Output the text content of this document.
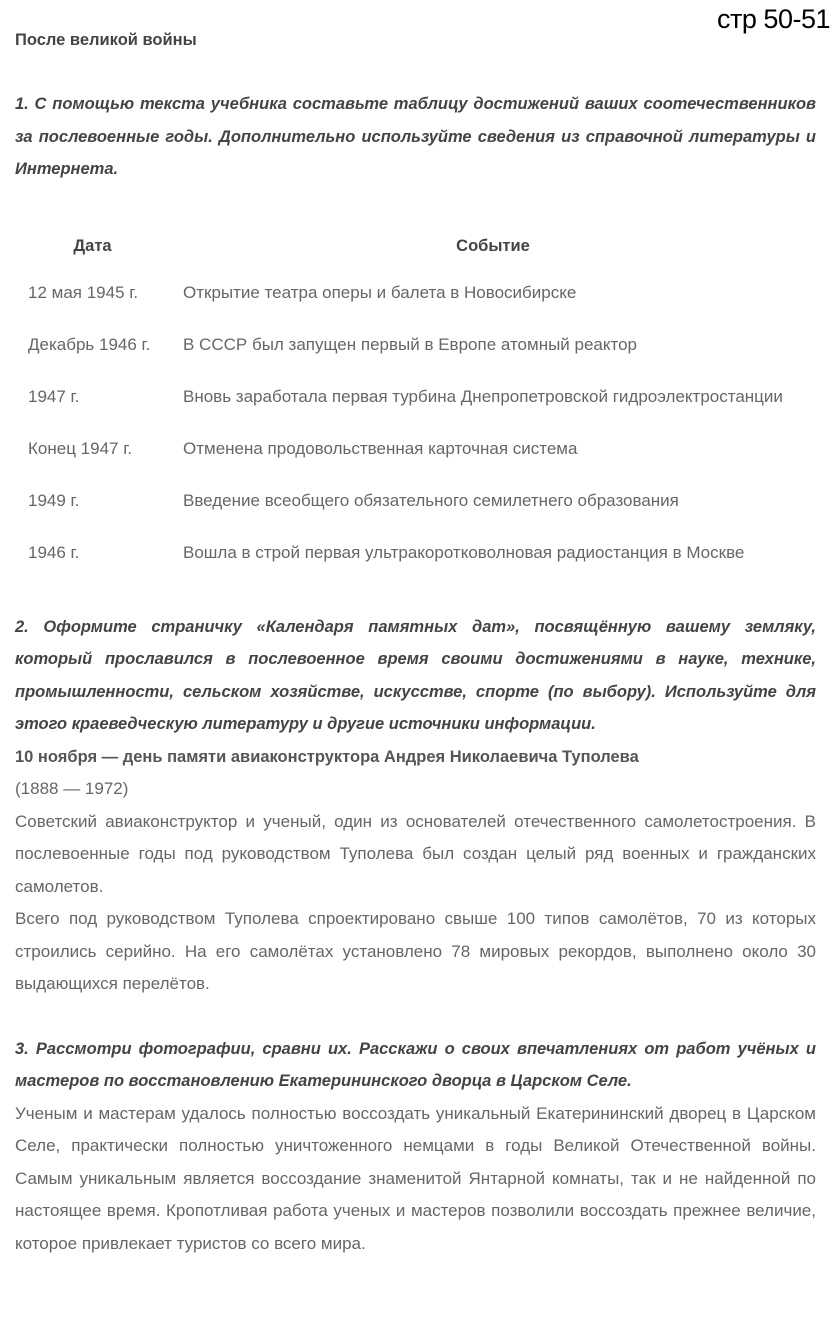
стр 50-51

После великой войны

1. С помощью текста учебника составьте таблицу достижений ваших соотечественников за послевоенные годы. Дополнительно используйте сведения из справочной литературы и Интернета.

Дата	Событие
12 мая 1945 г.	Открытие театра оперы и балета в Новосибирске
Декабрь 1946 г.	В СССР был запущен первый в Европе атомный реактор
1947 г.	Вновь заработала первая турбина Днепропетровской гидроэлектростанции
Конец 1947 г.	Отменена продовольственная карточная система
1949 г.	Введение всеобщего обязательного семилетнего образования
1946 г.	Вошла в строй первая ультракоротковолновая радиостанция в Москве

2. Оформите страничку «Календаря памятных дат», посвящённую вашему земляку, который прославился в послевоенное время своими достижениями в науке, технике, промышленности, сельском хозяйстве, искусстве, спорте (по выбору). Используйте для этого краеведческую литературу и другие источники информации.

10 ноября — день памяти авиаконструктора Андрея Николаевича Туполева

(1888 — 1972)

Советский авиаконструктор и ученый, один из основателей отечественного самолетостроения. В послевоенные годы под руководством Туполева был создан целый ряд военных и гражданских самолетов.

Всего под руководством Туполева спроектировано свыше 100 типов самолётов, 70 из которых строились серийно. На его самолётах установлено 78 мировых рекордов, выполнено около 30 выдающихся перелётов.

3. Рассмотри фотографии, сравни их. Расскажи о своих впечатлениях от работ учёных и мастеров по восстановлению Екатерининского дворца в Царском Селе.

Ученым и мастерам удалось полностью воссоздать уникальный Екатерининский дворец в Царском Селе, практически полностью уничтоженного немцами в годы Великой Отечественной войны. Самым уникальным является воссоздание знаменитой Янтарной комнаты, так и не найденной по настоящее время. Кропотливая работа ученых и мастеров позволили воссоздать прежнее величие, которое привлекает туристов со всего мира.
